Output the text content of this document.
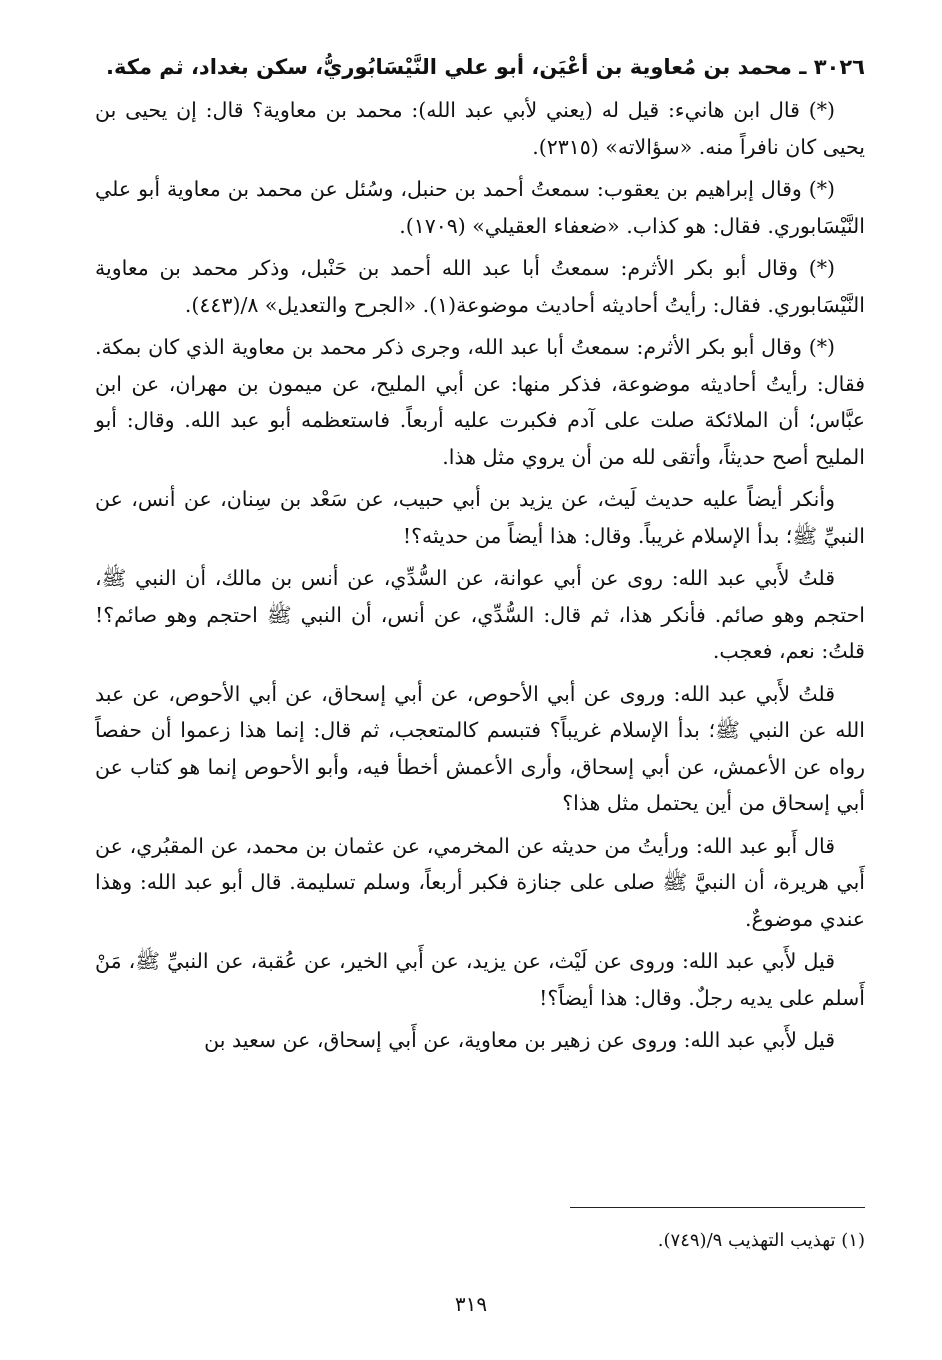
٣٠٢٦ ـ محمد بن مُعاوية بن أعْيَن، أبو علي النَّيْسَابُوريُّ، سكن بغداد، ثم مكة.

(*) قال ابن هانيء: قيل له (يعني لأبي عبد الله): محمد بن معاوية؟ قال: إن يحيى بن يحيى كان نافراً منه. «سؤالاته» (٢٣١٥).

(*) وقال إبراهيم بن يعقوب: سمعتُ أحمد بن حنبل، وسُئل عن محمد بن معاوية أبو علي النَّيْسَابوري. فقال: هو كذاب. «ضعفاء العقيلي» (١٧٠٩).

(*) وقال أبو بكر الأثرم: سمعتُ أبا عبد الله أحمد بن حَنْبل، وذكر محمد بن معاوية النَّيْسَابوري. فقال: رأيتُ أحاديثه أحاديث موضوعة(١). «الجرح والتعديل» ٨/(٤٤٣).

(*) وقال أبو بكر الأثرم: سمعتُ أبا عبد الله، وجرى ذكر محمد بن معاوية الذي كان بمكة. فقال: رأيتُ أحاديثه موضوعة، فذكر منها: عن أبي المليح، عن ميمون بن مهران، عن ابن عبَّاس؛ أن الملائكة صلت على آدم فكبرت عليه أربعاً. فاستعظمه أبو عبد الله. وقال: أبو المليح أصح حديثاً، وأتقى لله من أن يروي مثل هذا.

وأنكر أيضاً عليه حديث لَيث، عن يزيد بن أبي حبيب، عن سَعْد بن سِنان، عن أنس، عن النبيِّ ﷺ؛ بدأ الإسلام غريباً. وقال: هذا أيضاً من حديثه؟!

قلتُ لأَبي عبد الله: روى عن أبي عوانة، عن السُّدِّي، عن أنس بن مالك، أن النبي ﷺ، احتجم وهو صائم. فأنكر هذا، ثم قال: السُّدِّي، عن أنس، أن النبي ﷺ احتجم وهو صائم؟! قلتُ: نعم، فعجب.

قلتُ لأَبي عبد الله: وروى عن أبي الأحوص، عن أبي إسحاق، عن أبي الأحوص، عن عبد الله عن النبي ﷺ؛ بدأ الإسلام غريباً؟ فتبسم كالمتعجب، ثم قال: إنما هذا زعموا أن حفصاً رواه عن الأعمش، عن أبي إسحاق، وأرى الأعمش أخطأ فيه، وأبو الأحوص إنما هو كتاب عن أبي إسحاق من أين يحتمل مثل هذا؟

قال أَبو عبد الله: ورأيتُ من حديثه عن المخرمي، عن عثمان بن محمد، عن المقبُري، عن أَبي هريرة، أن النبيَّ ﷺ صلى على جنازة فكبر أربعاً، وسلم تسليمة. قال أبو عبد الله: وهذا عندي موضوعٌ.

قيل لأَبي عبد الله: وروى عن لَيْث، عن يزيد، عن أَبي الخير، عن عُقبة، عن النبيِّ ﷺ، مَنْ أَسلم على يديه رجلٌ. وقال: هذا أيضاً؟!

قيل لأَبي عبد الله: وروى عن زهير بن معاوية، عن أَبي إسحاق، عن سعيد بن

(١) تهذيب التهذيب ٩/(٧٤٩).
٣١٩
